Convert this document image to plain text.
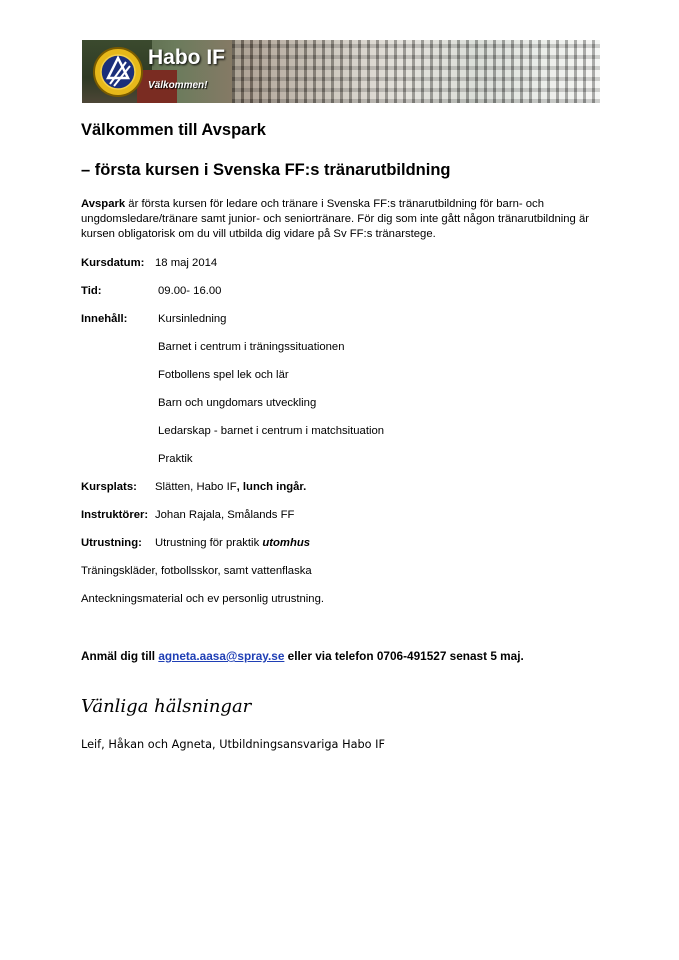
Habo IF
Välkommen!
Välkommen till Avspark
– första kursen i Svenska FF:s tränarutbildning
Avspark är första kursen för ledare och tränare i Svenska FF:s tränarutbildning för barn- och ungdomsledare/tränare samt junior- och seniortränare. För dig som inte gått någon tränarutbildning är kursen obligatorisk om du vill utbilda dig vidare på Sv FF:s tränarstege.
Kursdatum: 18 maj 2014
Tid:	09.00- 16.00
Innehåll:	Kursinledning
Barnet i centrum i träningssituationen
Fotbollens spel lek och lär
Barn och ungdomars utveckling
Ledarskap - barnet i centrum i matchsituation
Praktik
Kursplats: Slätten, Habo IF, lunch ingår.
Instruktörer: Johan Rajala, Smålands FF
Utrustning: Utrustning för praktik utomhus
Träningskläder, fotbollsskor, samt vattenflaska
Anteckningsmaterial och ev personlig utrustning.
Anmäl dig till agneta.aasa@spray.se eller via telefon 0706-491527 senast 5 maj.
Vänliga hälsningar
Leif, Håkan och Agneta, Utbildningsansvariga Habo IF
